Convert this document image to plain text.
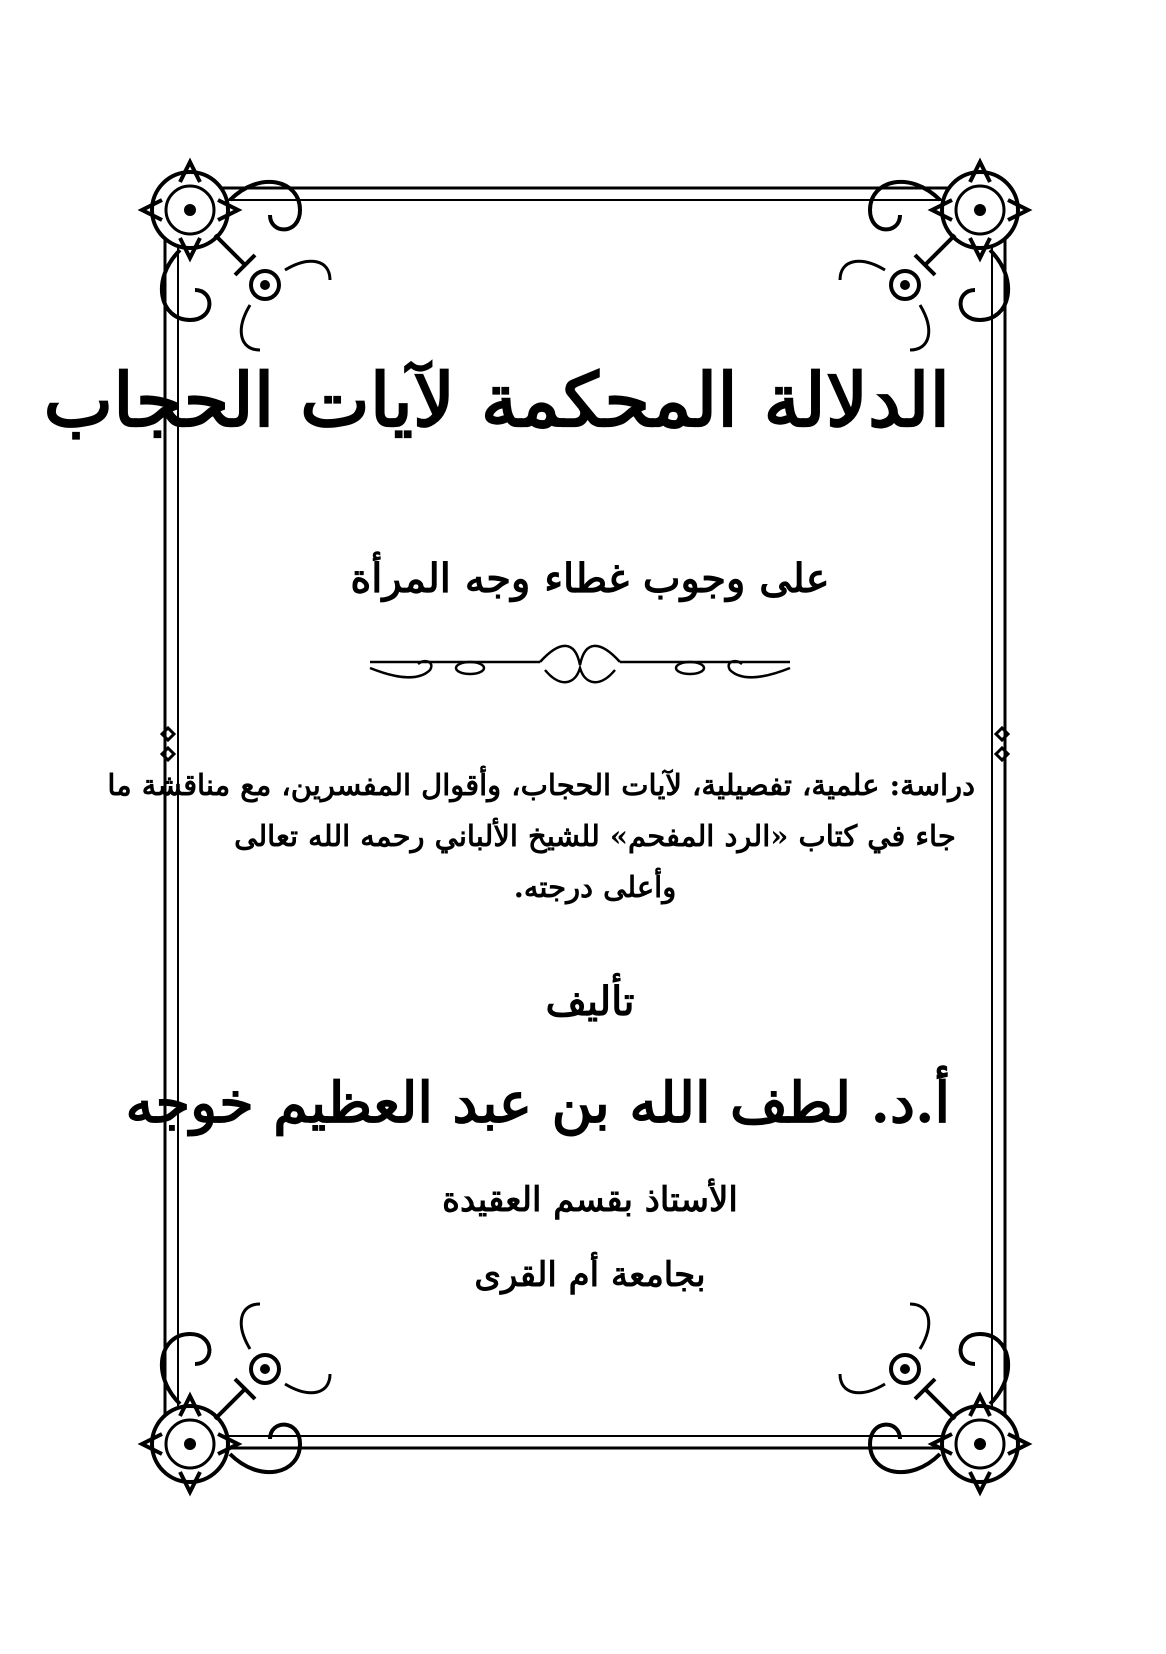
الدلالة المحكمة لآيات الحجاب
على وجوب غطاء وجه المرأة
دراسة: علمية، تفصيلية، لآيات الحجاب، وأقوال المفسرين، مع مناقشة ما
جاء في كتاب «الرد المفحم» للشيخ الألباني رحمه الله تعالى
وأعلى درجته.
تأليف
أ.د. لطف الله بن عبد العظيم خوجه
الأستاذ بقسم العقيدة
بجامعة أم القرى
